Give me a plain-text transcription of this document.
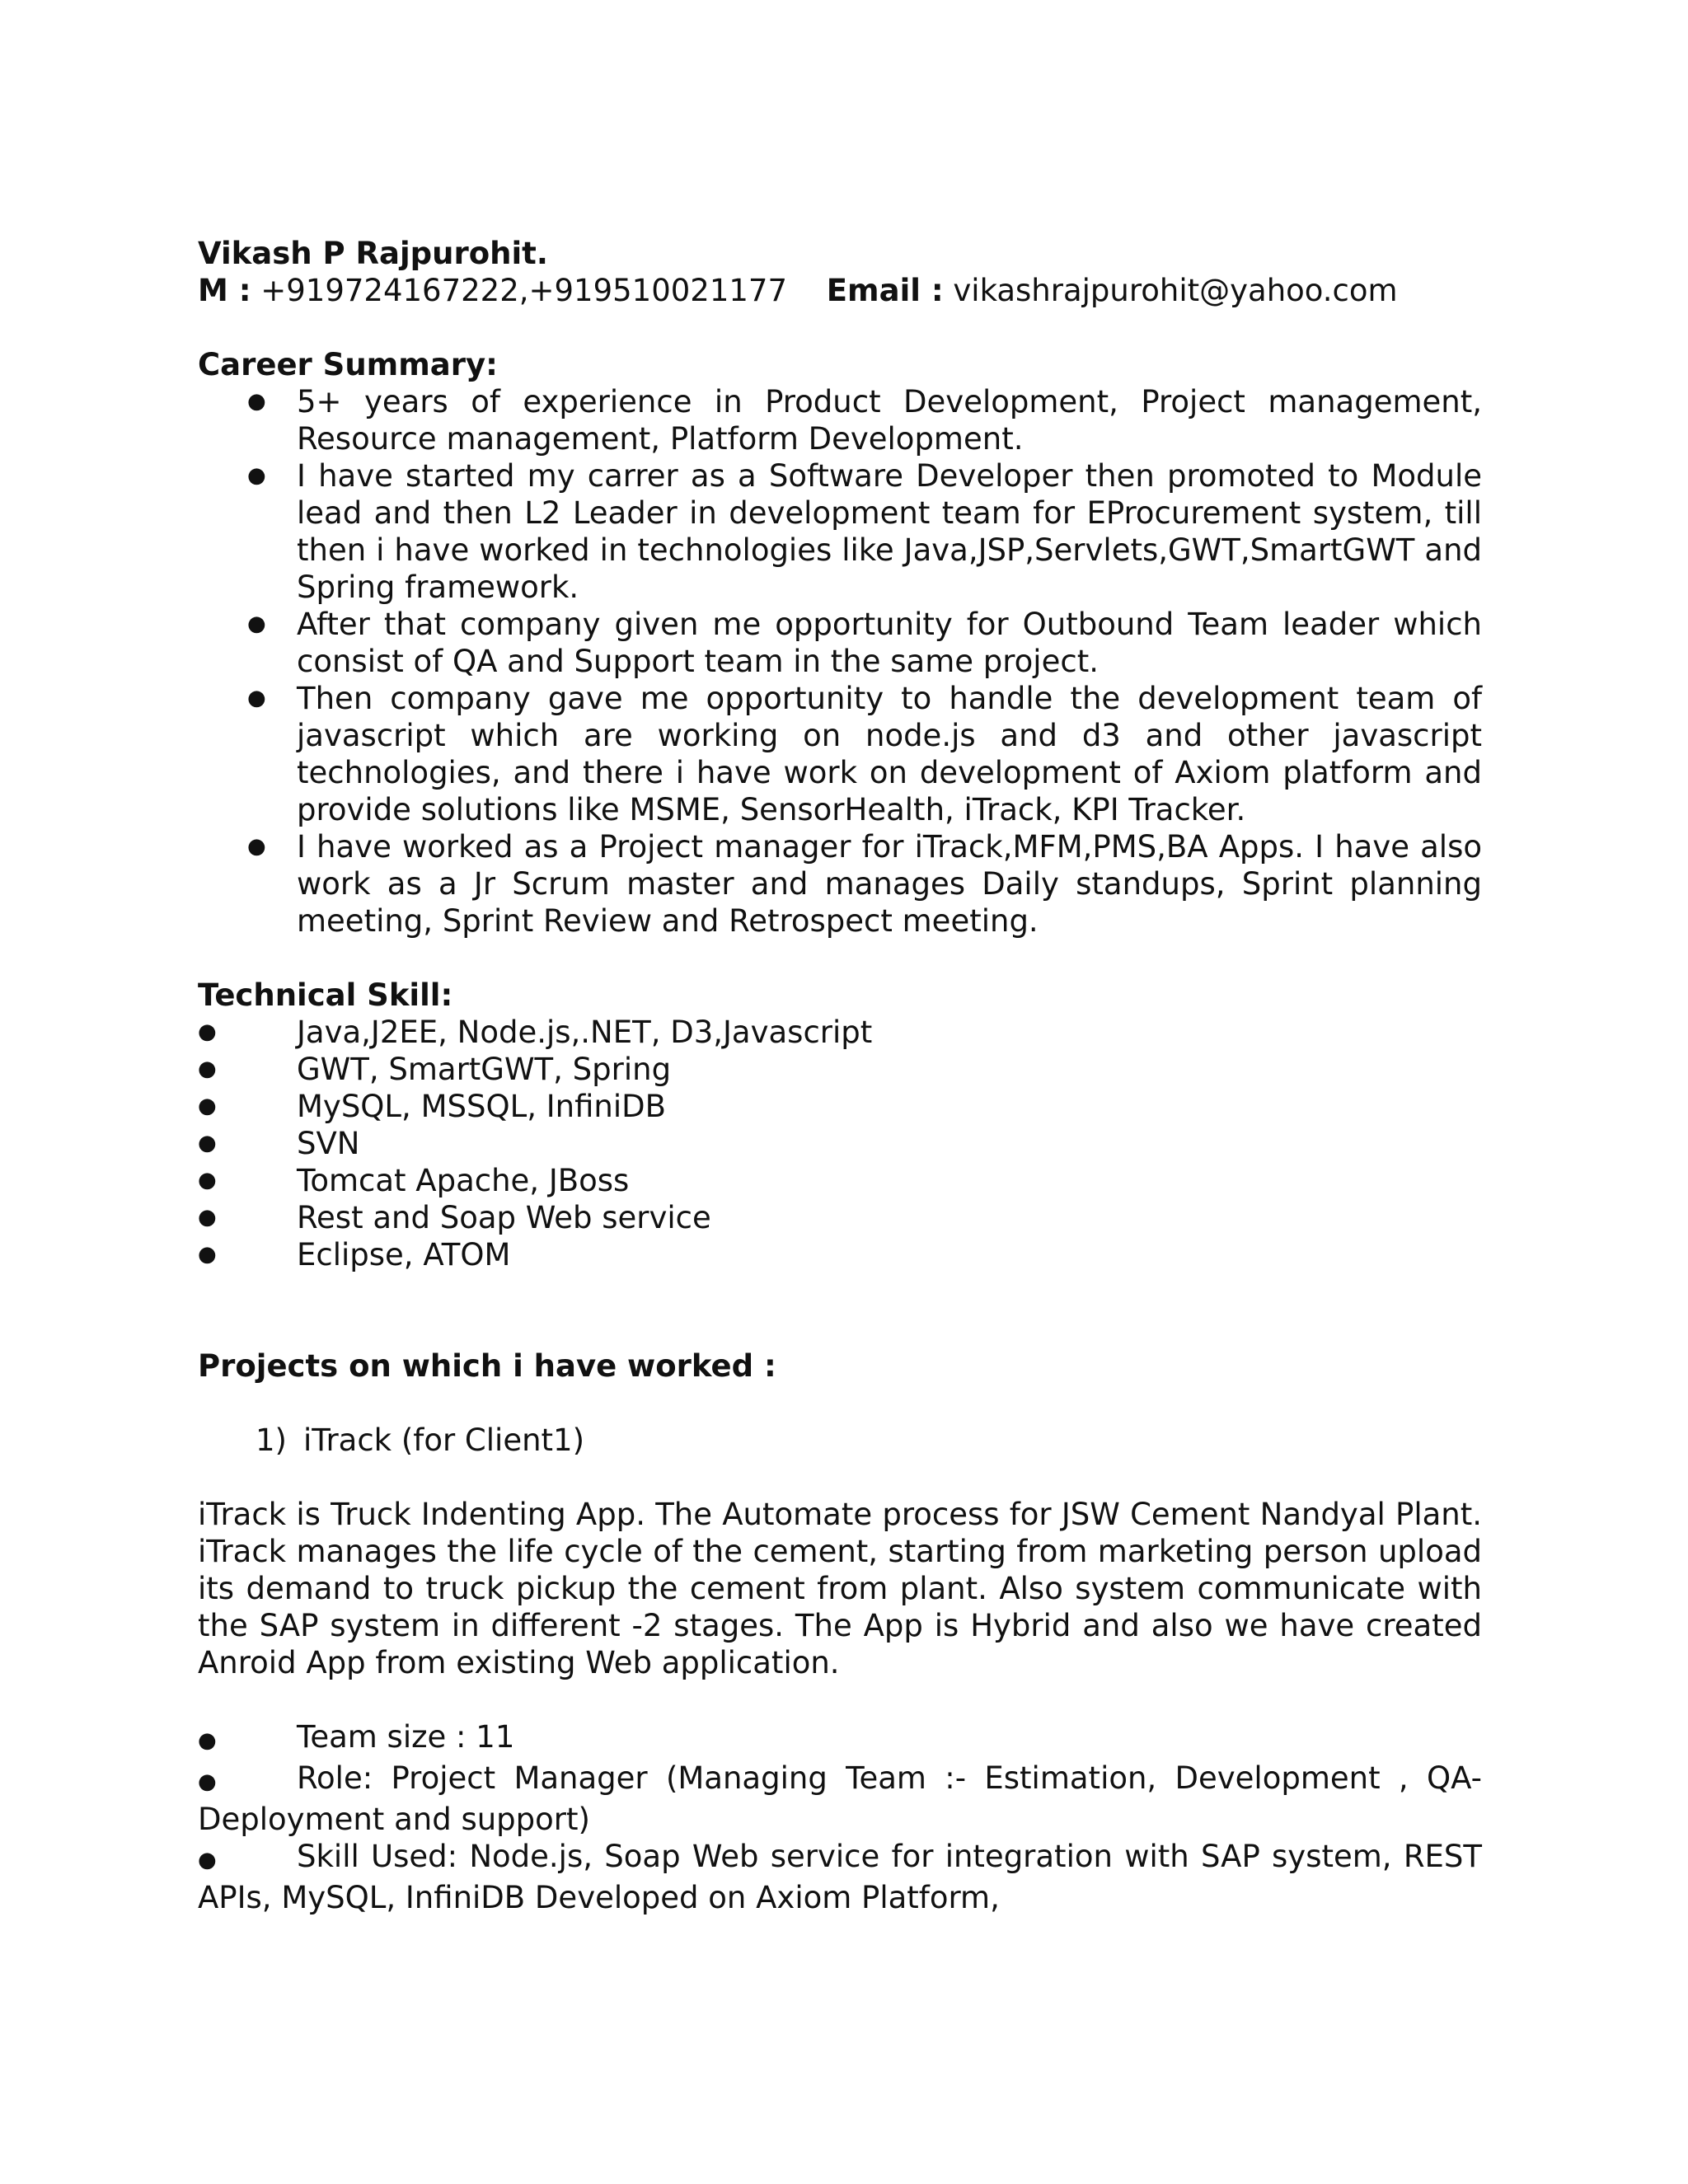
Vikash P Rajpurohit.
M : +919724167222,+919510021177 Email : vikashrajpurohit@yahoo.com
Career Summary:
● 5+ years of experience in Product Development, Project management, Resource management, Platform Development.
● I have started my carrer as a Software Developer then promoted to Module lead and then L2 Leader in development team for EProcurement system, till then i have worked in technologies like Java,JSP,Servlets,GWT,SmartGWT and Spring framework.
● After that company given me opportunity for Outbound Team leader which consist of QA and Support team in the same project.
● Then company gave me opportunity to handle the development team of javascript which are working on node.js and d3 and other javascript technologies, and there i have work on development of Axiom platform and provide solutions like MSME, SensorHealth, iTrack, KPI Tracker.
● I have worked as a Project manager for iTrack,MFM,PMS,BA Apps. I have also work as a Jr Scrum master and manages Daily standups, Sprint planning meeting, Sprint Review and Retrospect meeting.
Technical Skill:
●	Java,J2EE, Node.js,.NET, D3,Javascript
●	GWT, SmartGWT, Spring
●	MySQL, MSSQL, InfiniDB
●	SVN
●	Tomcat Apache, JBoss
●	Rest and Soap Web service
●	Eclipse, ATOM
Projects on which i have worked :
1) iTrack (for Client1)
iTrack is Truck Indenting App. The Automate process for JSW Cement Nandyal Plant. iTrack manages the life cycle of the cement, starting from marketing person upload its demand to truck pickup the cement from plant. Also system communicate with the SAP system in different -2 stages. The App is Hybrid and also we have created Anroid App from existing Web application.
●	Team size : 11
●	Role: Project Manager (Managing Team :- Estimation, Development , QA-Deployment and support)
●	Skill Used: Node.js, Soap Web service for integration with SAP system, REST APIs, MySQL, InfiniDB Developed on Axiom Platform,
